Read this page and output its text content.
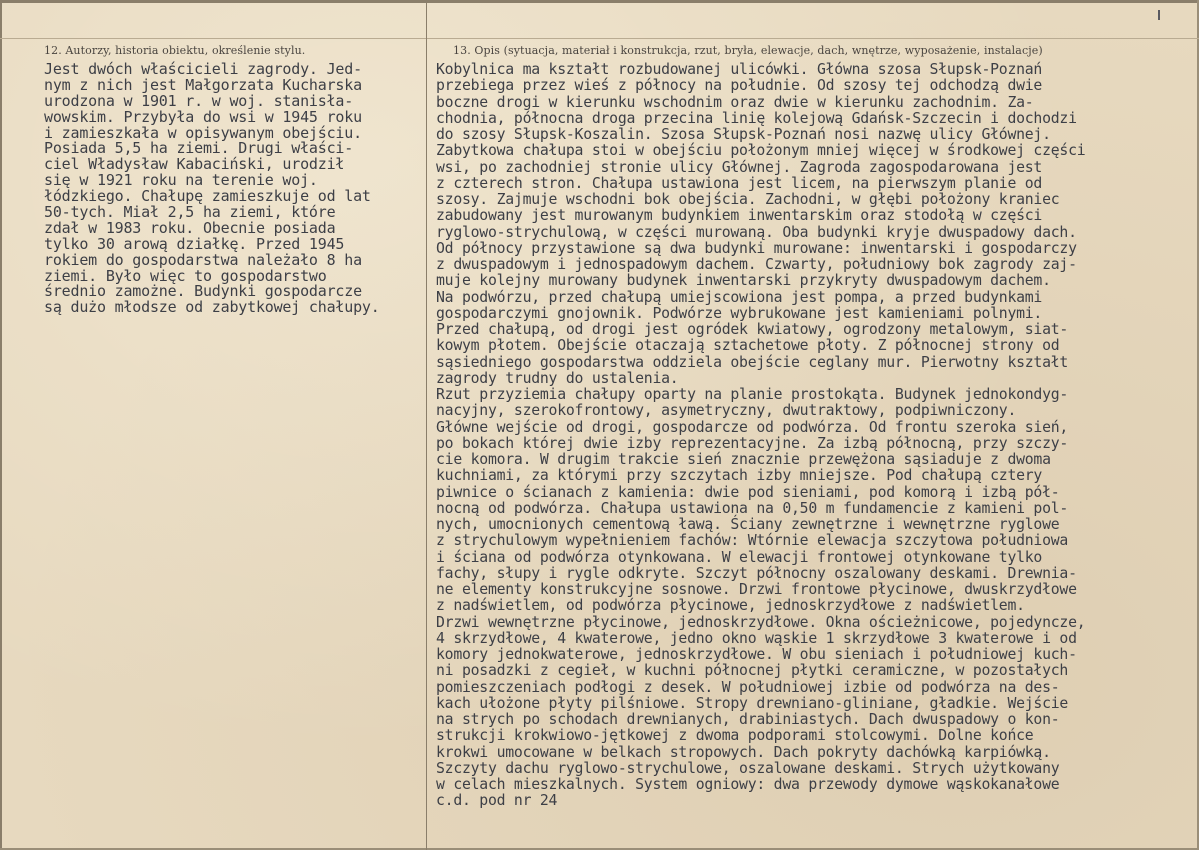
12. Autorzy, historia obiektu, określenie stylu.	13. Opis (sytuacja, materiał i konstrukcja, rzut, bryła, elewacje, dach, wnętrze, wyposażenie, instalacje)
Jest dwóch właścicieli zagrody. Jed-
nym z nich jest Małgorzata Kucharska
urodzona w 1901 r. w woj. stanisła-
wowskim. Przybyła do wsi w 1945 roku
i zamieszkała w opisywanym obejściu.
Posiada 5,5 ha ziemi. Drugi właści-
ciel Władysław Kabaciński, urodził
się w 1921 roku na terenie woj.
łódzkiego. Chałupę zamieszkuje od lat
50-tych. Miał 2,5 ha ziemi, które
zdał w 1983 roku. Obecnie posiada
tylko 30 arową działkę. Przed 1945
rokiem do gospodarstwa należało 8 ha
ziemi. Było więc to gospodarstwo
średnio zamożne. Budynki gospodarcze
są dużo młodsze od zabytkowej chałupy.
Kobylnica ma kształt rozbudowanej ulicówki. Główna szosa Słupsk-Poznań
przebiega przez wieś z północy na południe. Od szosy tej odchodzą dwie
boczne drogi w kierunku wschodnim oraz dwie w kierunku zachodnim. Za-
chodnia, północna droga przecina linię kolejową Gdańsk-Szczecin i dochodzi
do szosy Słupsk-Koszalin. Szosa Słupsk-Poznań nosi nazwę ulicy Głównej.
Zabytkowa chałupa stoi w obejściu położonym mniej więcej w środkowej części
wsi, po zachodniej stronie ulicy Głównej. Zagroda zagospodarowana jest
z czterech stron. Chałupa ustawiona jest licem, na pierwszym planie od
szosy. Zajmuje wschodni bok obejścia. Zachodni, w głębi położony kraniec
zabudowany jest murowanym budynkiem inwentarskim oraz stodołą w części
ryglowo-strychulową, w części murowaną. Oba budynki kryje dwuspadowy dach.
Od północy przystawione są dwa budynki murowane: inwentarski i gospodarczy
z dwuspadowym i jednospadowym dachem. Czwarty, południowy bok zagrody zaj-
muje kolejny murowany budynek inwentarski przykryty dwuspadowym dachem.
Na podwórzu, przed chałupą umiejscowiona jest pompa, a przed budynkami
gospodarczymi gnojownik. Podwórze wybrukowane jest kamieniami polnymi.
Przed chałupą, od drogi jest ogródek kwiatowy, ogrodzony metalowym, siat-
kowym płotem. Obejście otaczają sztachetowe płoty. Z północnej strony od
sąsiedniego gospodarstwa oddziela obejście ceglany mur. Pierwotny kształt
zagrody trudny do ustalenia.
Rzut przyziemia chałupy oparty na planie prostokąta. Budynek jednokondyg-
nacyjny, szerokofrontowy, asymetryczny, dwutraktowy, podpiwniczony.
Główne wejście od drogi, gospodarcze od podwórza. Od frontu szeroka sień,
po bokach której dwie izby reprezentacyjne. Za izbą północną, przy szczy-
cie komora. W drugim trakcie sień znacznie przewężona sąsiaduje z dwoma
kuchniami, za którymi przy szczytach izby mniejsze. Pod chałupą cztery
piwnice o ścianach z kamienia: dwie pod sieniami, pod komorą i izbą pół-
nocną od podwórza. Chałupa ustawiona na 0,50 m fundamencie z kamieni pol-
nych, umocnionych cementową ławą. Ściany zewnętrzne i wewnętrzne ryglowe
z strychulowym wypełnieniem fachów: Wtórnie elewacja szczytowa południowa
i ściana od podwórza otynkowana. W elewacji frontowej otynkowane tylko
fachy, słupy i rygle odkryte. Szczyt północny oszalowany deskami. Drewnia-
ne elementy konstrukcyjne sosnowe. Drzwi frontowe płycinowe, dwuskrzydłowe
z nadświetlem, od podwórza płycinowe, jednoskrzydłowe z nadświetlem.
Drzwi wewnętrzne płycinowe, jednoskrzydłowe. Okna ościeżnicowe, pojedyncze,
4 skrzydłowe, 4 kwaterowe, jedno okno wąskie 1 skrzydłowe 3 kwaterowe i od
komory jednokwaterowe, jednoskrzydłowe. W obu sieniach i południowej kuch-
ni posadzki z cegieł, w kuchni północnej płytki ceramiczne, w pozostałych
pomieszczeniach podłogi z desek. W południowej izbie od podwórza na des-
kach ułożone płyty pilśniowe. Stropy drewniano-gliniane, gładkie. Wejście
na strych po schodach drewnianych, drabiniastych. Dach dwuspadowy o kon-
strukcji krokwiowo-jętkowej z dwoma podporami stolcowymi. Dolne końce
krokwi umocowane w belkach stropowych. Dach pokryty dachówką karpiówką.
Szczyty dachu ryglowo-strychulowe, oszalowane deskami. Strych użytkowany
w celach mieszkalnych. System ogniowy: dwa przewody dymowe wąskokanałowe
c.d. pod nr 24
